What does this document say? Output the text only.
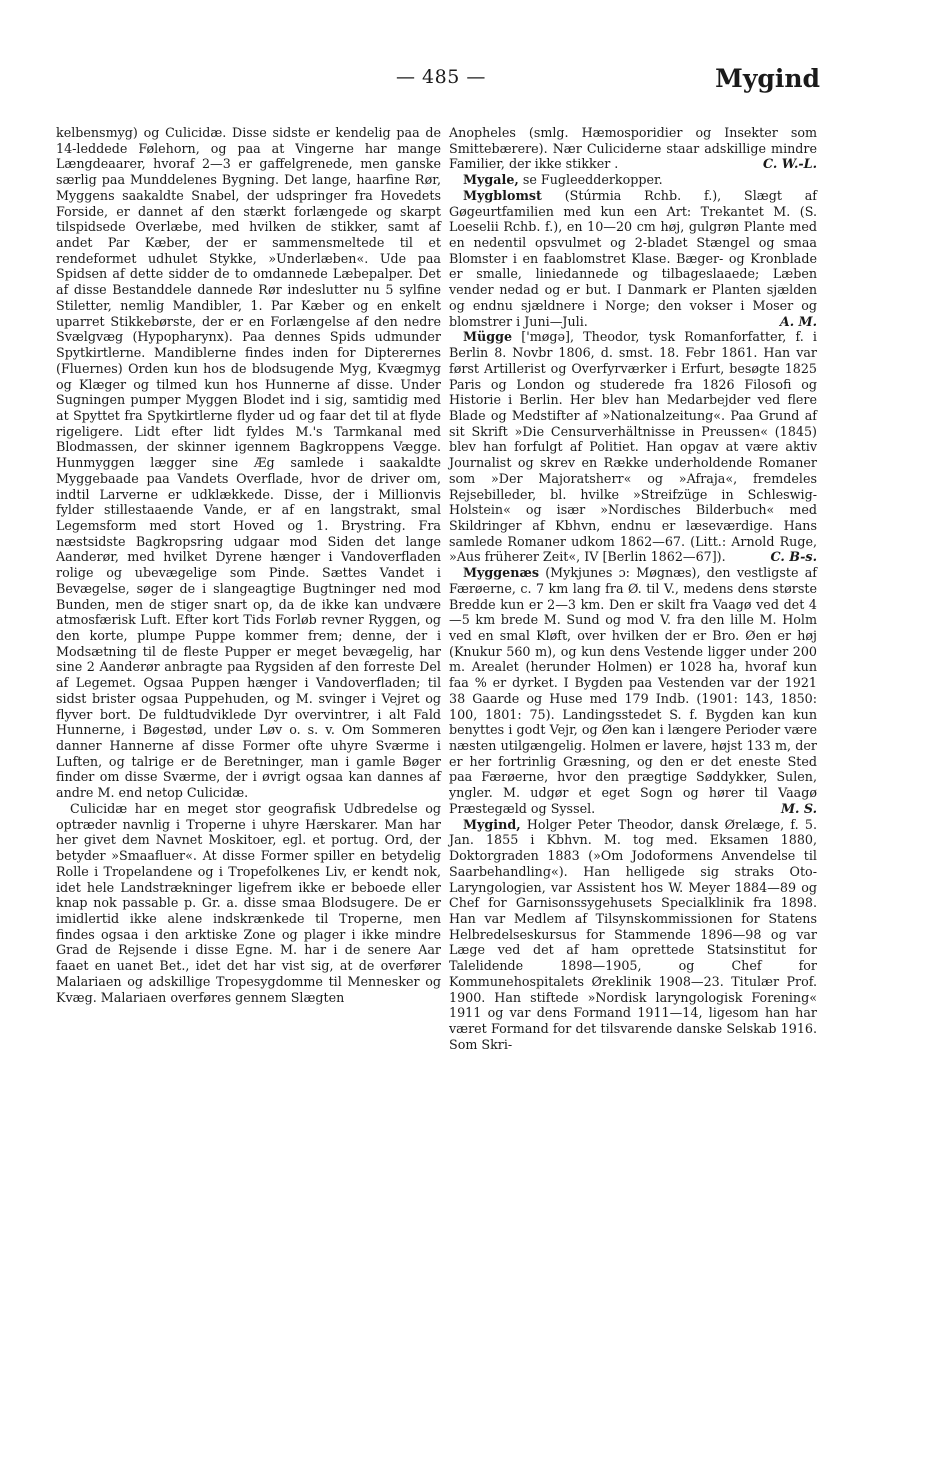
— 485 —	Mygind

kelbensmyg) og Culicidæ. Disse sidste er kendelig paa de 14-leddede Følehorn, og paa at Vingerne har mange Længdeaarer, hvoraf 2—3 er gaffelgrenede, men ganske særlig paa Munddelenes Bygning. Det lange, haarfine Rør, Myggens saakaldte Snabel, der udspringer fra Hovedets Forside, er dannet af den stærkt forlængede og skarpt tilspidsede Overlæbe, med hvilken de stikker, samt af andet Par Kæber, der er sammensmeltede til et rendeformet udhulet Stykke, »Underlæben«. Ude paa Spidsen af dette sidder de to omdannede Læbepalper. Det af disse Bestanddele dannede Rør indeslutter nu 5 sylfine Stiletter, nemlig Mandibler, 1. Par Kæber og en enkelt uparret Stikkebørste, der er en Forlængelse af den nedre Svælgvæg (Hypopharynx). Paa dennes Spids udmunder Spytkirtlerne. Mandiblerne findes inden for Dipterernes (Fluernes) Orden kun hos de blodsugende Myg, Kvægmyg og Klæger og tilmed kun hos Hunnerne af disse. Under Sugningen pumper Myggen Blodet ind i sig, samtidig med at Spyttet fra Spytkirtlerne flyder ud og faar det til at flyde rigeligere. Lidt efter lidt fyldes M.'s Tarmkanal med Blodmassen, der skinner igennem Bagkroppens Vægge. Hunmyggen lægger sine Æg samlede i saakaldte Myggebaade paa Vandets Overflade, hvor de driver om, indtil Larverne er udklækkede. Disse, der i Millionvis fylder stillestaaende Vande, er af en langstrakt, smal Legemsform med stort Hoved og 1. Brystring. Fra næstsidste Bagkropsring udgaar mod Siden det lange Aanderør, med hvilket Dyrene hænger i Vandoverfladen rolige og ubevægelige som Pinde. Sættes Vandet i Bevægelse, søger de i slangeagtige Bugtninger ned mod Bunden, men de stiger snart op, da de ikke kan undvære atmosfærisk Luft. Efter kort Tids Forløb revner Ryggen, og den korte, plumpe Puppe kommer frem; denne, der i Modsætning til de fleste Pupper er meget bevægelig, har sine 2 Aanderør anbragte paa Rygsiden af den forreste Del af Legemet. Ogsaa Puppen hænger i Vandoverfladen; til sidst brister ogsaa Puppehuden, og M. svinger i Vejret og flyver bort. De fuldtudviklede Dyr overvintrer, i alt Fald Hunnerne, i Bøgestød, under Løv o. s. v. Om Sommeren danner Hannerne af disse Former ofte uhyre Sværme i Luften, og talrige er de Beretninger, man i gamle Bøger finder om disse Sværme, der i øvrigt ogsaa kan dannes af andre M. end netop Culicidæ.

Culicidæ har en meget stor geografisk Udbredelse og optræder navnlig i Troperne i uhyre Hærskarer. Man har her givet dem Navnet Moskitoer, egl. et portug. Ord, der betyder »Smaafluer«. At disse Former spiller en betydelig Rolle i Tropelandene og i Tropefolkenes Liv, er kendt nok, idet hele Landstrækninger ligefrem ikke er beboede eller knap nok passable p. Gr. a. disse smaa Blodsugere. De er imidlertid ikke alene indskrænkede til Troperne, men findes ogsaa i den arktiske Zone og plager i ikke mindre Grad de Rejsende i disse Egne. M. har i de senere Aar faaet en uanet Bet., idet det har vist sig, at de overfører Malariaen og adskillige Tropesygdomme til Mennesker og Kvæg. Malariaen overføres gennem Slægten

Anopheles (smlg. Hæmosporidier og Insekter som Smittebærere). Nær Culiciderne staar adskillige mindre Familier, der ikke stikker .	C. W.-L.

Mygale, se Fugleedderkopper.

Mygblomst (Stúrmia Rchb. f.), Slægt af Gøgeurtfamilien med kun een Art: Trekantet M. (S. Loeselii Rchb. f.), en 10—20 cm høj, gulgrøn Plante med en nedentil opsvulmet og 2-bladet Stængel og smaa Blomster i en faablomstret Klase. Bæger- og Kronblade er smalle, liniedannede og tilbageslaaede; Læben vender nedad og er but. I Danmark er Planten sjælden og endnu sjældnere i Norge; den vokser i Moser og blomstrer i Juni—Juli.	A. M.

Mügge ['møgə], Theodor, tysk Romanforfatter, f. i Berlin 8. Novbr 1806, d. smst. 18. Febr 1861. Han var først Artillerist og Overfyrværker i Erfurt, besøgte 1825 Paris og London og studerede fra 1826 Filosofi og Historie i Berlin. Her blev han Medarbejder ved flere Blade og Medstifter af »Nationalzeitung«. Paa Grund af sit Skrift »Die Censurverhältnisse in Preussen« (1845) blev han forfulgt af Politiet. Han opgav at være aktiv Journalist og skrev en Række underholdende Romaner som »Der Majoratsherr« og »Afraja«, fremdeles Rejsebilleder, bl. hvilke »Streifzüge in Schleswig-Holstein« og især »Nordisches Bilderbuch« med Skildringer af Kbhvn, endnu er læseværdige. Hans samlede Romaner udkom 1862—67. (Litt.: Arnold Ruge, »Aus früherer Zeit«, IV [Berlin 1862—67]).	C. B-s.

Myggenæs (Mykjunes ɔ: Møgnæs), den vestligste af Færøerne, c. 7 km lang fra Ø. til V., medens dens største Bredde kun er 2—3 km. Den er skilt fra Vaagø ved det 4—5 km brede M. Sund og mod V. fra den lille M. Holm ved en smal Kløft, over hvilken der er Bro. Øen er høj (Knukur 560 m), og kun dens Vestende ligger under 200 m. Arealet (herunder Holmen) er 1028 ha, hvoraf kun faa % er dyrket. I Bygden paa Vestenden var der 1921 38 Gaarde og Huse med 179 Indb. (1901: 143, 1850: 100, 1801: 75). Landingsstedet S. f. Bygden kan kun benyttes i godt Vejr, og Øen kan i længere Perioder være næsten utilgængelig. Holmen er lavere, højst 133 m, der er her fortrinlig Græsning, og den er det eneste Sted paa Færøerne, hvor den prægtige Søddykker, Sulen, yngler. M. udgør et eget Sogn og hører til Vaagø Præstegæld og Syssel.	M. S.

Mygind, Holger Peter Theodor, dansk Ørelæge, f. 5. Jan. 1855 i Kbhvn. M. tog med. Eksamen 1880, Doktorgraden 1883 (»Om Jodoformens Anvendelse til Saarbehandling«). Han helligede sig straks Oto-Laryngologien, var Assistent hos W. Meyer 1884—89 og Chef for Garnisonssygehusets Specialklinik fra 1898. Han var Medlem af Tilsynskommissionen for Statens Helbredelseskursus for Stammende 1896—98 og var Læge ved det af ham oprettede Statsinstitut for Talelidende 1898—1905, og Chef for Kommunehospitalets Øreklinik 1908—23. Titulær Prof. 1900. Han stiftede »Nordisk laryngologisk Forening« 1911 og var dens Formand 1911—14, ligesom han har været Formand for det tilsvarende danske Selskab 1916. Som Skri-
